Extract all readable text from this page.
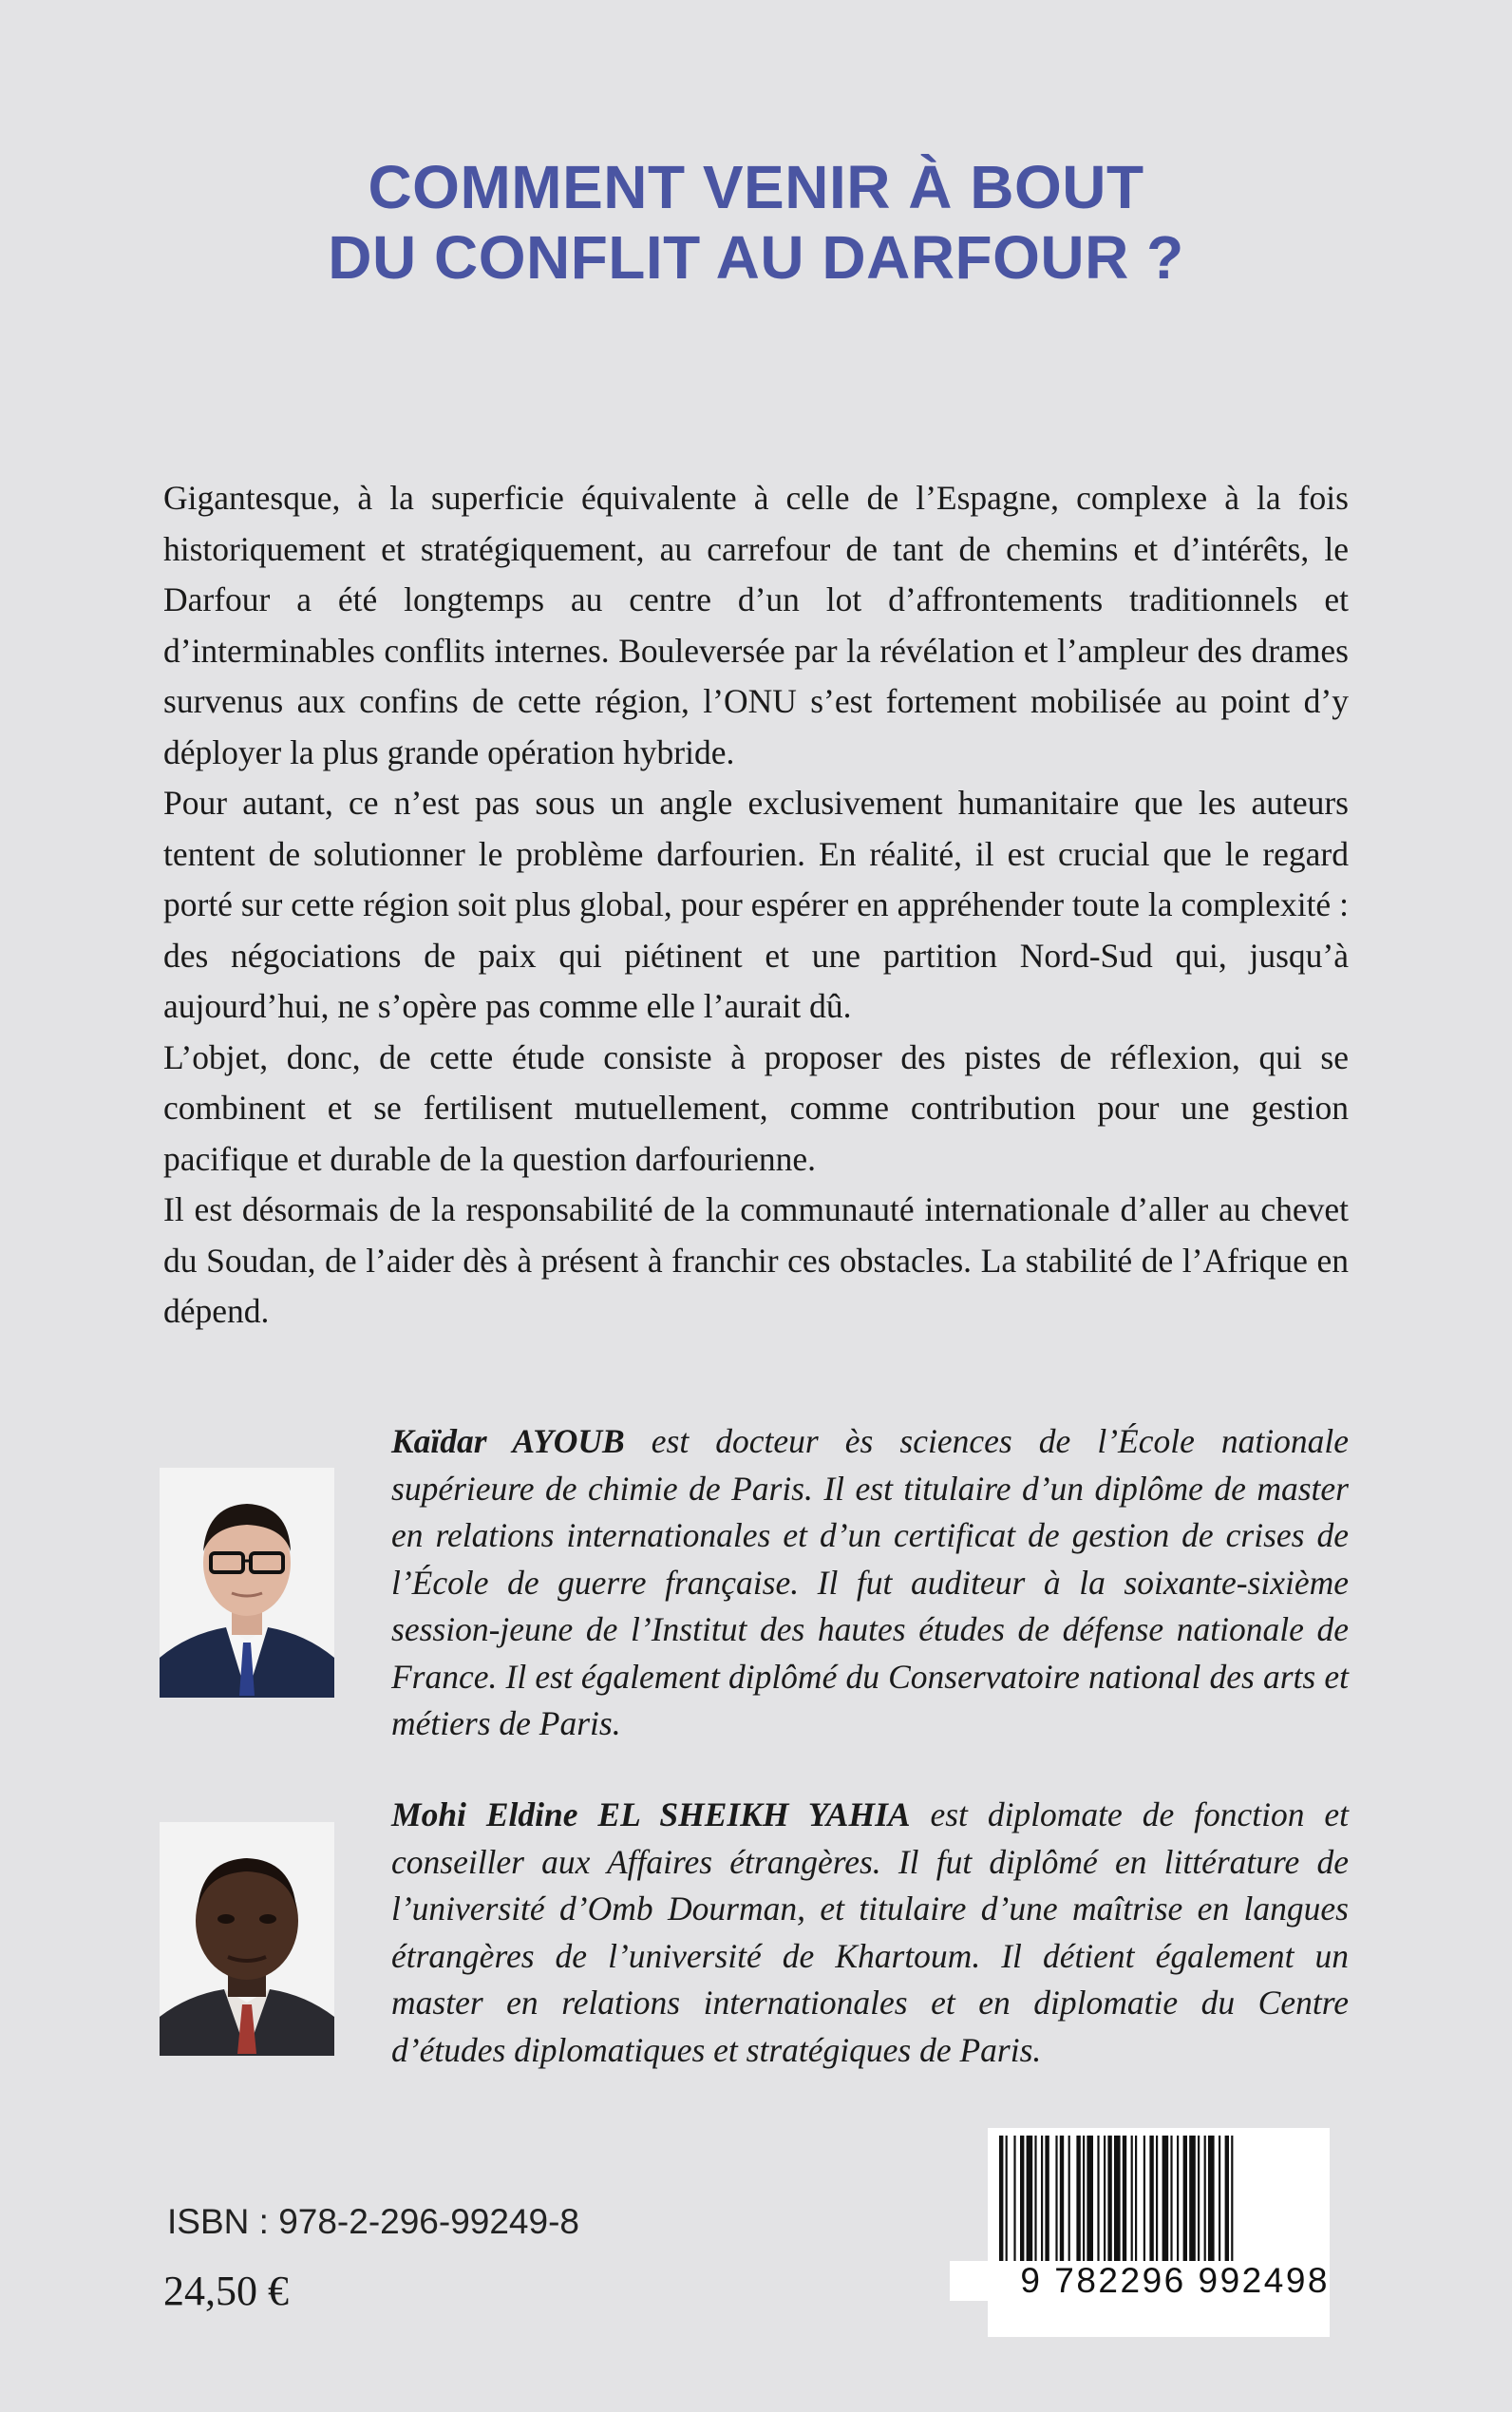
COMMENT VENIR À BOUT
DU CONFLIT AU DARFOUR ?

Gigantesque, à la superficie équivalente à celle de l’Espagne, complexe à la fois historiquement et stratégiquement, au carrefour de tant de chemins et d’intérêts, le Darfour a été longtemps au centre d’un lot d’affrontements traditionnels et d’interminables conflits internes. Bouleversée par la révélation et l’ampleur des drames survenus aux confins de cette région, l’ONU s’est fortement mobilisée au point d’y déployer la plus grande opération hybride.

Pour autant, ce n’est pas sous un angle exclusivement humanitaire que les auteurs tentent de solutionner le problème darfourien. En réalité, il est crucial que le regard porté sur cette région soit plus global, pour espérer en appréhender toute la complexité : des négociations de paix qui piétinent et une partition Nord-Sud qui, jusqu’à aujourd’hui, ne s’opère pas comme elle l’aurait dû.

L’objet, donc, de cette étude consiste à proposer des pistes de réflexion, qui se combinent et se fertilisent mutuellement, comme contribution pour une gestion pacifique et durable de la question darfourienne.

Il est désormais de la responsabilité de la communauté internationale d’aller au chevet du Soudan, de l’aider dès à présent à franchir ces obstacles. La stabilité de l’Afrique en dépend.

Kaïdar AYOUB est docteur ès sciences de l’École nationale supérieure de chimie de Paris. Il est titulaire d’un diplôme de master en relations internationales et d’un certificat de gestion de crises de l’École de guerre française. Il fut auditeur à la soixante-sixième session-jeune de l’Institut des hautes études de défense nationale de France. Il est également diplômé du Conservatoire national des arts et métiers de Paris.
Mohi Eldine EL SHEIKH YAHIA est diplomate de fonction et conseiller aux Affaires étrangères. Il fut diplômé en littérature de l’université d’Omb Dourman, et titulaire d’une maîtrise en langues étrangères de l’université de Khartoum. Il détient également un master en relations internationales et en diplomatie du Centre d’études diplomatiques et stratégiques de Paris.
ISBN : 978-2-296-99249-8
24,50 €	9 782296 992498
